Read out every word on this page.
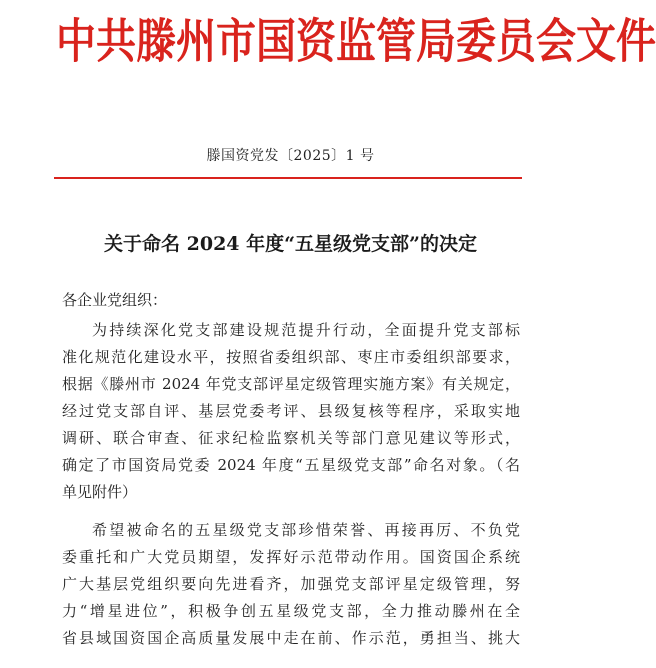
中 共 滕 州 市 国 资 监 管 局 委 员 会 文 件
滕国资党发〔2025〕1 号
关于命名 2024 年度“五星级党支部”的决定
各企业党组织：
为持续深化党支部建设规范提升行动，全面提升党支部标
准化规范化建设水平，按照省委组织部、枣庄市委组织部要求，
根据《滕州市 2024 年党支部评星定级管理实施方案》有关规定，
经过党支部自评、基层党委考评、县级复核等程序，采取实地
调研、联合审查、征求纪检监察机关等部门意见建议等形式，
确定了市国资局党委 2024 年度“五星级党支部”命名对象。（名
单见附件）
希望被命名的五星级党支部珍惜荣誉、再接再厉、不负党
委重托和广大党员期望，发挥好示范带动作用。国资国企系统
广大基层党组织要向先进看齐，加强党支部评星定级管理，努
力“增星进位”，积极争创五星级党支部，全力推动滕州在全
省县域国资国企高质量发展中走在前、作示范，勇担当、挑大
